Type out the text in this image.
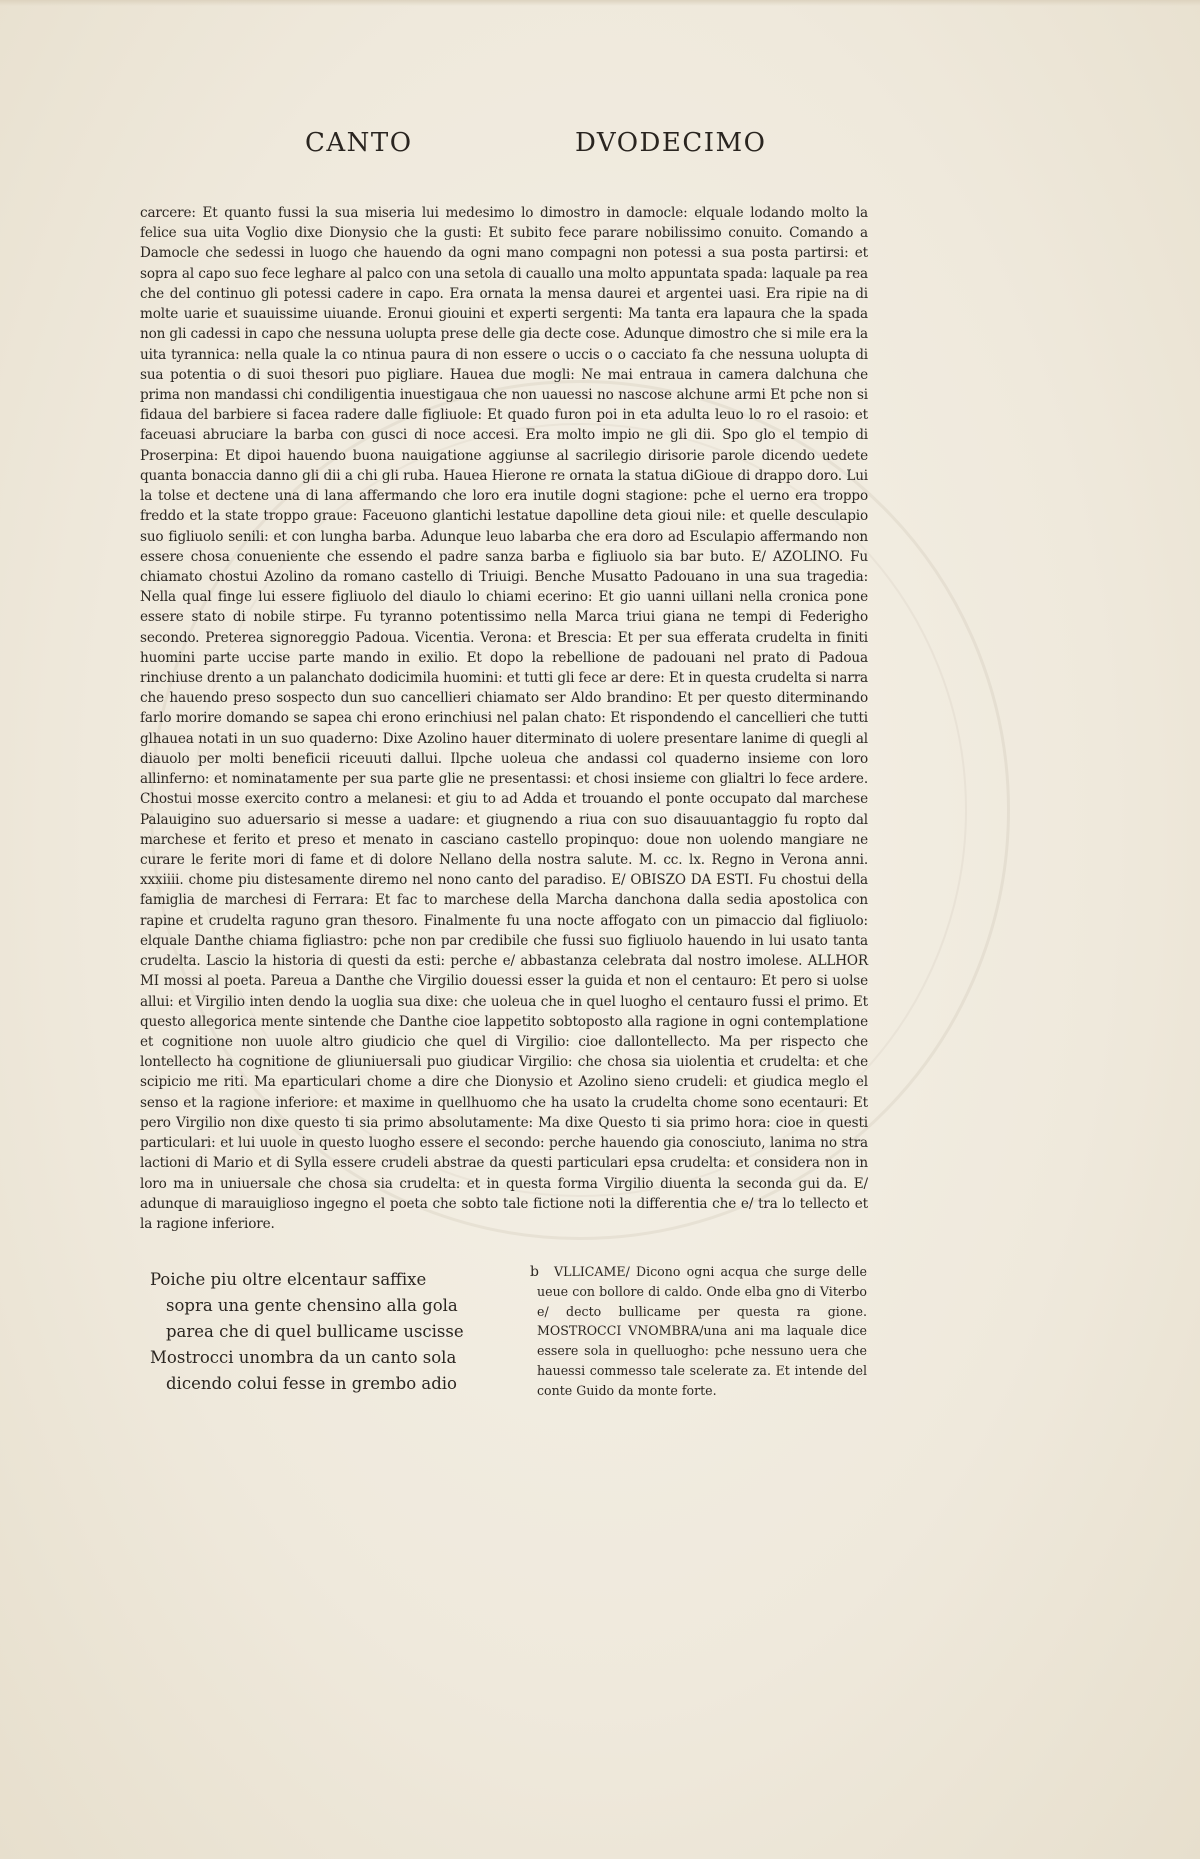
CANTO	DVODECIMO

carcere: Et quanto fussi la sua miseria lui medesimo lo dimostro in damocle: elquale lodando molto la felice sua uita Voglio dixe Dionysio che la gusti: Et subito fece parare nobilissimo conuito. Comando a Damocle che sedessi in luogo che hauendo da ogni mano compagni non potessi a sua posta partirsi: et sopra al capo suo fece leghare al palco con una setola di cauallo una molto appuntata spada: laquale pa rea che del continuo gli potessi cadere in capo. Era ornata la mensa daurei et argentei uasi. Era ripie na di molte uarie et suauissime uiuande. Eronui giouini et experti sergenti: Ma tanta era lapaura che la spada non gli cadessi in capo che nessuna uolupta prese delle gia decte cose. Adunque dimostro che si mile era la uita tyrannica: nella quale la co ntinua paura di non essere o uccis o o cacciato fa che nessuna uolupta di sua potentia o di suoi thesori puo pigliare. Hauea due mogli: Ne mai entraua in camera dalchuna che prima non mandassi chi condiligentia inuestigaua che non uauessi no nascose alchune armi Et pche non si fidaua del barbiere si facea radere dalle figliuole: Et quado furon poi in eta adulta leuo lo ro el rasoio: et faceuasi abruciare la barba con gusci di noce accesi. Era molto impio ne gli dii. Spo glo el tempio di Proserpina: Et dipoi hauendo buona nauigatione aggiunse al sacrilegio dirisorie parole dicendo uedete quanta bonaccia danno gli dii a chi gli ruba. Hauea Hierone re ornata la statua diGioue di drappo doro. Lui la tolse et dectene una di lana affermando che loro era inutile dogni stagione: pche el uerno era troppo freddo et la state troppo graue: Faceuono glantichi lestatue dapolline deta gioui nile: et quelle desculapio suo figliuolo senili: et con lungha barba. Adunque leuo labarba che era doro ad Esculapio affermando non essere chosa conueniente che essendo el padre sanza barba e figliuolo sia bar buto. E/ AZOLINO. Fu chiamato chostui Azolino da romano castello di Triuigi. Benche Musatto Padouano in una sua tragedia: Nella qual finge lui essere figliuolo del diaulo lo chiami ecerino: Et gio uanni uillani nella cronica pone essere stato di nobile stirpe. Fu tyranno potentissimo nella Marca triui giana ne tempi di Federigho secondo. Preterea signoreggio Padoua. Vicentia. Verona: et Brescia: Et per sua efferata crudelta in finiti huomini parte uccise parte mando in exilio. Et dopo la rebellione de padouani nel prato di Padoua rinchiuse drento a un palanchato dodicimila huomini: et tutti gli fece ar dere: Et in questa crudelta si narra che hauendo preso sospecto dun suo cancellieri chiamato ser Aldo brandino: Et per questo diterminando farlo morire domando se sapea chi erono erinchiusi nel palan chato: Et rispondendo el cancellieri che tutti glhauea notati in un suo quaderno: Dixe Azolino hauer diterminato di uolere presentare lanime di quegli al diauolo per molti beneficii riceuuti dallui. Ilpche uoleua che andassi col quaderno insieme con loro allinferno: et nominatamente per sua parte glie ne presentassi: et chosi insieme con glialtri lo fece ardere. Chostui mosse exercito contro a melanesi: et giu to ad Adda et trouando el ponte occupato dal marchese Palauigino suo aduersario si messe a uadare: et giugnendo a riua con suo disauuantaggio fu ropto dal marchese et ferito et preso et menato in casciano castello propinquo: doue non uolendo mangiare ne curare le ferite mori di fame et di dolore Nellano della nostra salute. M. cc. lx. Regno in Verona anni. xxxiiii. chome piu distesamente diremo nel nono canto del paradiso. E/ OBISZO DA ESTI. Fu chostui della famiglia de marchesi di Ferrara: Et fac to marchese della Marcha danchona dalla sedia apostolica con rapine et crudelta raguno gran thesoro. Finalmente fu una nocte affogato con un pimaccio dal figliuolo: elquale Danthe chiama figliastro: pche non par credibile che fussi suo figliuolo hauendo in lui usato tanta crudelta. Lascio la historia di questi da esti: perche e/ abbastanza celebrata dal nostro imolese. ALLHOR MI mossi al poeta. Pareua a Danthe che Virgilio douessi esser la guida et non el centauro: Et pero si uolse allui: et Virgilio inten dendo la uoglia sua dixe: che uoleua che in quel luogho el centauro fussi el primo. Et questo allegorica mente sintende che Danthe cioe lappetito sobtoposto alla ragione in ogni contemplatione et cognitione non uuole altro giudicio che quel di Virgilio: cioe dallontellecto. Ma per rispecto che lontellecto ha cognitione de gliuniuersali puo giudicar Virgilio: che chosa sia uiolentia et crudelta: et che scipicio me riti. Ma eparticulari chome a dire che Dionysio et Azolino sieno crudeli: et giudica meglo el senso et la ragione inferiore: et maxime in quellhuomo che ha usato la crudelta chome sono ecentauri: Et pero Virgilio non dixe questo ti sia primo absolutamente: Ma dixe Questo ti sia primo hora: cioe in questi particulari: et lui uuole in questo luogho essere el secondo: perche hauendo gia conosciuto, lanima no stra lactioni di Mario et di Sylla essere crudeli abstrae da questi particulari epsa crudelta: et considera non in loro ma in uniuersale che chosa sia crudelta: et in questa forma Virgilio diuenta la seconda gui da. E/ adunque di marauiglioso ingegno el poeta che sobto tale fictione noti la differentia che e/ tra lo tellecto et la ragione inferiore.

Poiche piu oltre elcentaur saffixe
sopra una gente chensino alla gola
parea che di quel bullicame uscisse
Mostrocci unombra da un canto sola
dicendo colui fesse in grembo adio
b	VLLICAME/ Dicono ogni acqua che surge delle ueue con bollore di caldo. Onde elba gno di Viterbo e/ decto bullicame per questa ra gione. MOSTROCCI VNOMBRA/una ani ma laquale dice essere sola in quelluogho: pche nessuno uera che hauessi commesso tale scelerate za. Et intende del conte Guido da monte forte.
